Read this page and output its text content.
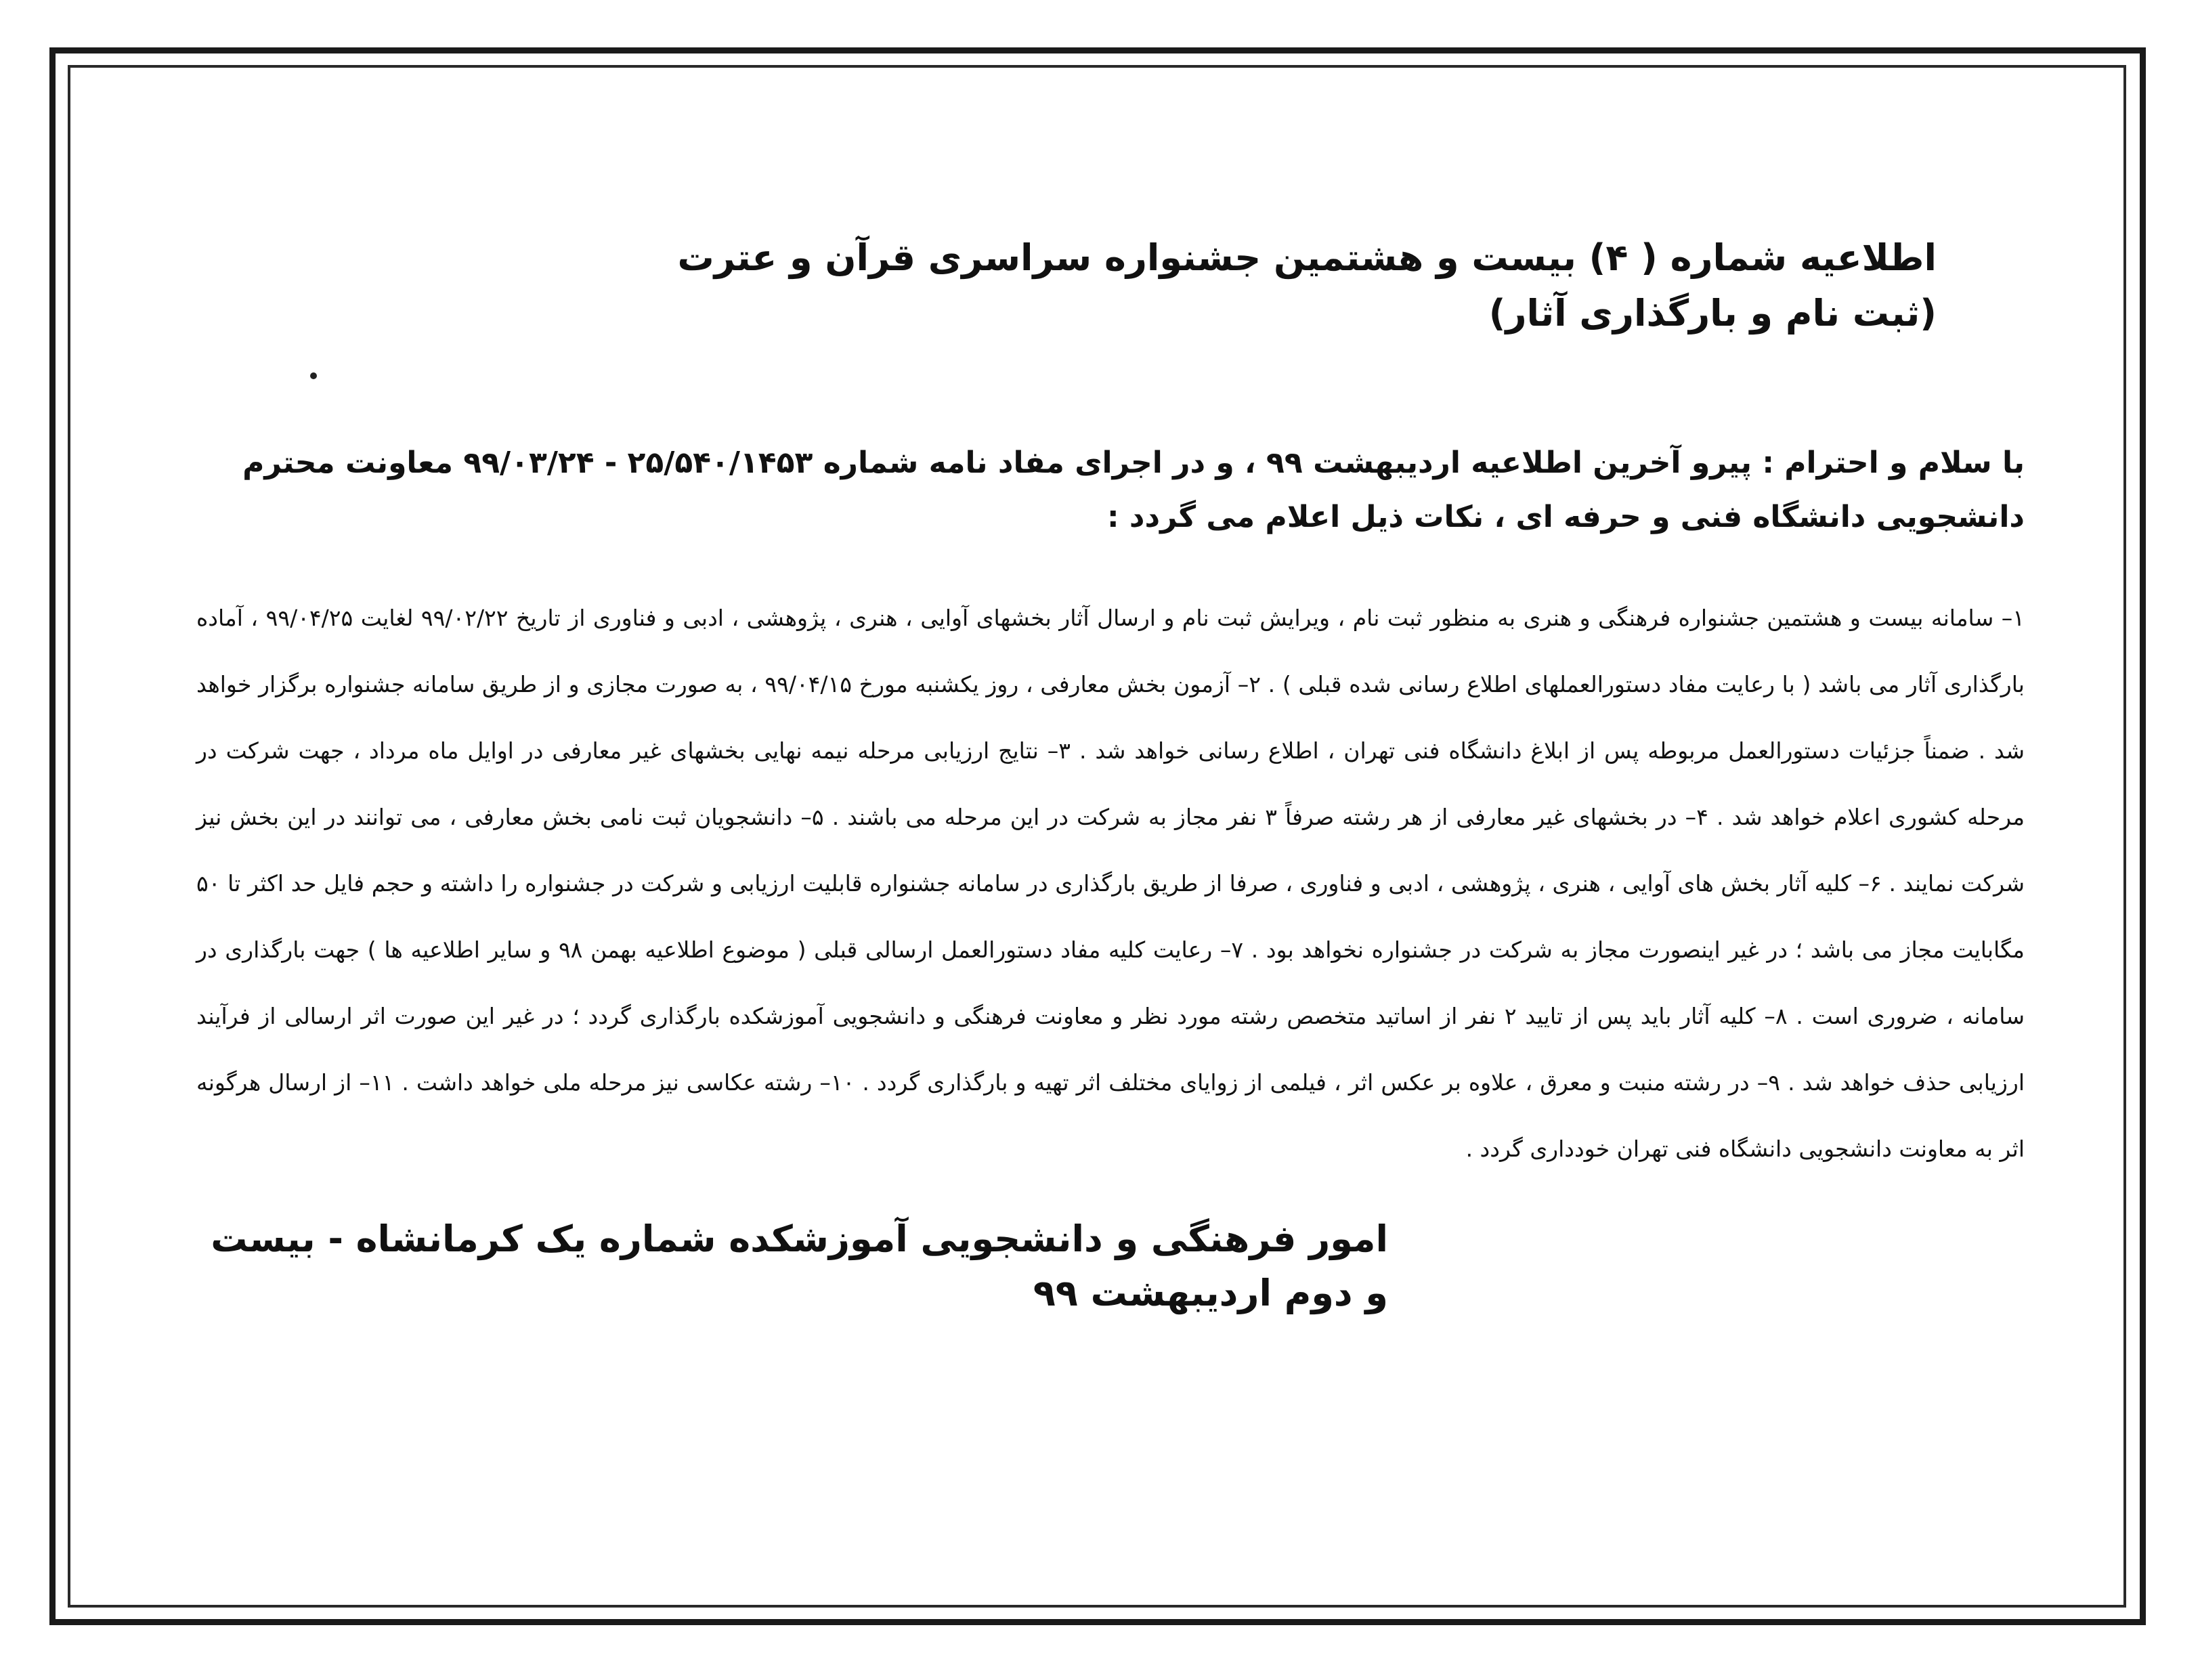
اطلاعیه شماره ( ۴) بیست و هشتمین جشنواره سراسری قرآن و عترت (ثبت نام و بارگذاری آثار)
با سلام و احترام : پیرو آخرین اطلاعیه اردیبهشت ۹۹ ، و در اجرای مفاد نامه شماره ۲۵/۵۴۰/۱۴۵۳ - ۹۹/۰۳/۲۴ معاونت محترم دانشجویی دانشگاه فنی و حرفه ای ، نکات ذیل اعلام می گردد :
۱– سامانه بیست و هشتمین جشنواره فرهنگی و هنری به منظور ثبت نام ، ویرایش ثبت نام و ارسال آثار بخشهای آوایی ، هنری ، پژوهشی ، ادبی و فناوری از تاریخ ۹۹/۰۲/۲۲ لغایت ۹۹/۰۴/۲۵ ، آماده بارگذاری آثار می باشد ( با رعایت مفاد دستورالعملهای اطلاع رسانی شده قبلی ) . ۲– آزمون بخش معارفی ، روز یکشنبه مورخ ۹۹/۰۴/۱۵ ، به صورت مجازی و از طریق سامانه جشنواره برگزار خواهد شد . ضمناً جزئیات دستورالعمل مربوطه پس از ابلاغ دانشگاه فنی تهران ، اطلاع رسانی خواهد شد . ۳– نتایج ارزیابی مرحله نیمه نهایی بخشهای غیر معارفی در اوایل ماه مرداد ، جهت شرکت در مرحله کشوری اعلام خواهد شد . ۴– در بخشهای غیر معارفی از هر رشته صرفاً ۳ نفر مجاز به شرکت در این مرحله می باشند . ۵– دانشجویان ثبت نامی بخش معارفی ، می توانند در این بخش نیز شرکت نمایند . ۶– کلیه آثار بخش های آوایی ، هنری ، پژوهشی ، ادبی و فناوری ، صرفا از طریق بارگذاری در سامانه جشنواره قابلیت ارزیابی و شرکت در جشنواره را داشته و حجم فایل حد اکثر تا ۵۰ مگابایت مجاز می باشد ؛ در غیر اینصورت مجاز به شرکت در جشنواره نخواهد بود . ۷– رعایت کلیه مفاد دستورالعمل ارسالی قبلی ( موضوع اطلاعیه بهمن ۹۸ و سایر اطلاعیه ها ) جهت بارگذاری در سامانه ، ضروری است . ۸– کلیه آثار باید پس از تایید ۲ نفر از اساتید متخصص رشته مورد نظر و معاونت فرهنگی و دانشجویی آموزشکده بارگذاری گردد ؛ در غیر این صورت اثر ارسالی از فرآیند ارزیابی حذف خواهد شد . ۹– در رشته منبت و معرق ، علاوه بر عکس اثر ، فیلمی از زوایای مختلف اثر تهیه و بارگذاری گردد . ۱۰– رشته عکاسی نیز مرحله ملی خواهد داشت . ۱۱– از ارسال هرگونه اثر به معاونت دانشجویی دانشگاه فنی تهران خودداری گردد .
امور فرهنگی و دانشجویی آموزشکده شماره یک کرمانشاه - بیست و دوم اردیبهشت ۹۹
